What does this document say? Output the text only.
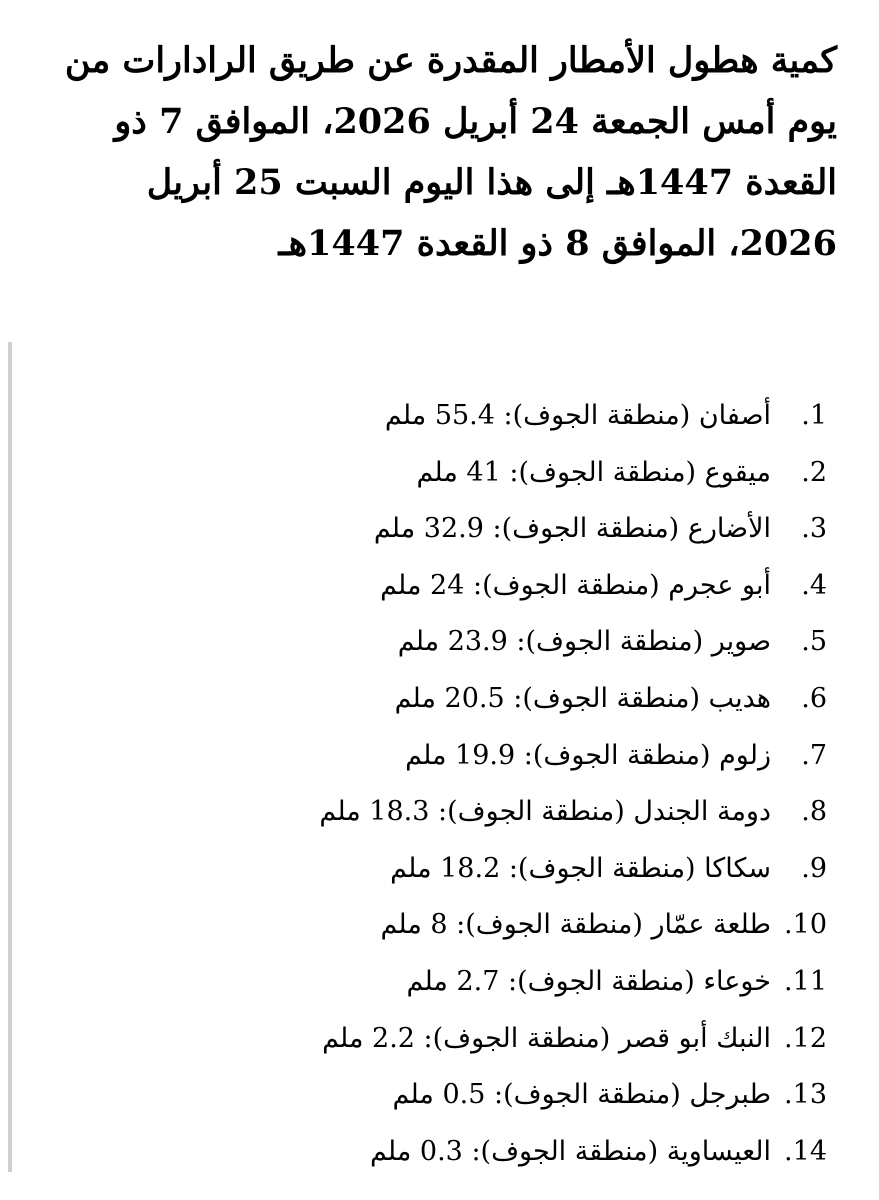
كمية هطول الأمطار المقدرة عن طريق الرادارات من يوم أمس الجمعة 24 أبريل 2026، الموافق 7 ذو القعدة 1447هـ إلى هذا اليوم السبت 25 أبريل 2026، الموافق 8 ذو القعدة 1447هـ
1.أصفان (منطقة الجوف): 55.4 ملم
2.ميقوع (منطقة الجوف): 41 ملم
3.الأضارع (منطقة الجوف): 32.9 ملم
4.أبو عجرم (منطقة الجوف): 24 ملم
5.صوير (منطقة الجوف): 23.9 ملم
6.هديب (منطقة الجوف): 20.5 ملم
7.زلوم (منطقة الجوف): 19.9 ملم
8.دومة الجندل (منطقة الجوف): 18.3 ملم
9.سكاكا (منطقة الجوف): 18.2 ملم
10.طلعة عمّار (منطقة الجوف): 8 ملم
11.خوعاء (منطقة الجوف): 2.7 ملم
12.النبك أبو قصر (منطقة الجوف): 2.2 ملم
13.طبرجل (منطقة الجوف): 0.5 ملم
14.العيساوية (منطقة الجوف): 0.3 ملم
